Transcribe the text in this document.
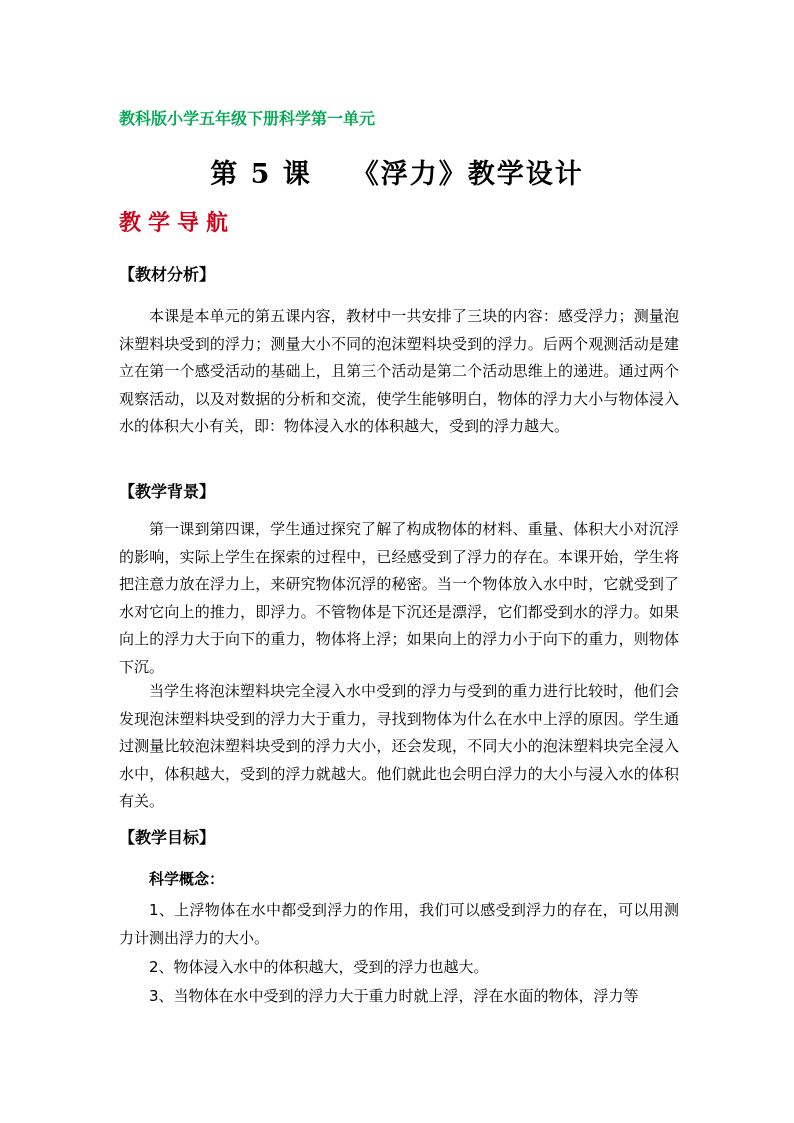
教科版小学五年级下册科学第一单元
第 5 课 《浮力》教学设计
教学导航
【教材分析】

本课是本单元的第五课内容，教材中一共安排了三块的内容：感受浮力；测量泡沫塑料块受到的浮力；测量大小不同的泡沫塑料块受到的浮力。后两个观测活动是建立在第一个感受活动的基础上，且第三个活动是第二个活动思维上的递进。通过两个观察活动，以及对数据的分析和交流，使学生能够明白，物体的浮力大小与物体浸入水的体积大小有关，即：物体浸入水的体积越大，受到的浮力越大。

【教学背景】

第一课到第四课，学生通过探究了解了构成物体的材料、重量、体积大小对沉浮的影响，实际上学生在探索的过程中，已经感受到了浮力的存在。本课开始，学生将把注意力放在浮力上，来研究物体沉浮的秘密。当一个物体放入水中时，它就受到了水对它向上的推力，即浮力。不管物体是下沉还是漂浮，它们都受到水的浮力。如果向上的浮力大于向下的重力，物体将上浮；如果向上的浮力小于向下的重力，则物体下沉。

当学生将泡沫塑料块完全浸入水中受到的浮力与受到的重力进行比较时，他们会发现泡沫塑料块受到的浮力大于重力，寻找到物体为什么在水中上浮的原因。学生通过测量比较泡沫塑料块受到的浮力大小，还会发现，不同大小的泡沫塑料块完全浸入水中，体积越大，受到的浮力就越大。他们就此也会明白浮力的大小与浸入水的体积有关。

【教学目标】
科学概念：

1、上浮物体在水中都受到浮力的作用，我们可以感受到浮力的存在，可以用测力计测出浮力的大小。

2、物体浸入水中的体积越大，受到的浮力也越大。

3、当物体在水中受到的浮力大于重力时就上浮，浮在水面的物体，浮力等
